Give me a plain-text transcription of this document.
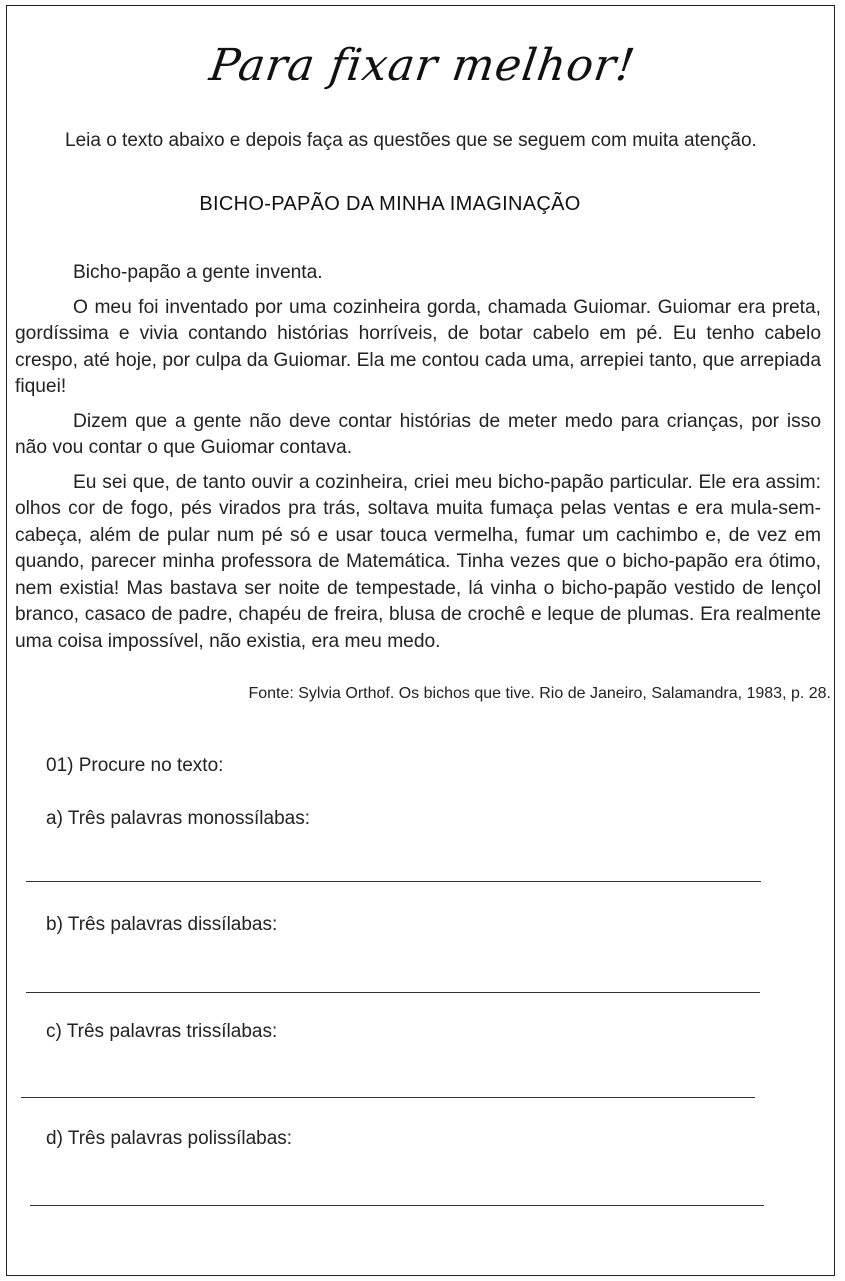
Para fixar melhor!
Leia o texto abaixo e depois faça as questões que se seguem com muita atenção.
BICHO-PAPÃO DA MINHA IMAGINAÇÃO

Bicho-papão a gente inventa.

O meu foi inventado por uma cozinheira gorda, chamada Guiomar. Guiomar era preta, gordíssima e vivia contando histórias horríveis, de botar cabelo em pé. Eu tenho cabelo crespo, até hoje, por culpa da Guiomar. Ela me contou cada uma, arrepiei tanto, que arrepiada fiquei!

Dizem que a gente não deve contar histórias de meter medo para crianças, por isso não vou contar o que Guiomar contava.

Eu sei que, de tanto ouvir a cozinheira, criei meu bicho-papão particular. Ele era assim: olhos cor de fogo, pés virados pra trás, soltava muita fumaça pelas ventas e era mula-sem-cabeça, além de pular num pé só e usar touca vermelha, fumar um cachimbo e, de vez em quando, parecer minha professora de Matemática. Tinha vezes que o bicho-papão era ótimo, nem existia! Mas bastava ser noite de tempestade, lá vinha o bicho-papão vestido de lençol branco, casaco de padre, chapéu de freira, blusa de crochê e leque de plumas. Era realmente uma coisa impossível, não existia, era meu medo.

Fonte: Sylvia Orthof. Os bichos que tive. Rio de Janeiro, Salamandra, 1983, p. 28.
01) Procure no texto:
a) Três palavras monossílabas:
b) Três palavras dissílabas:
c) Três palavras trissílabas:
d) Três palavras polissílabas:
